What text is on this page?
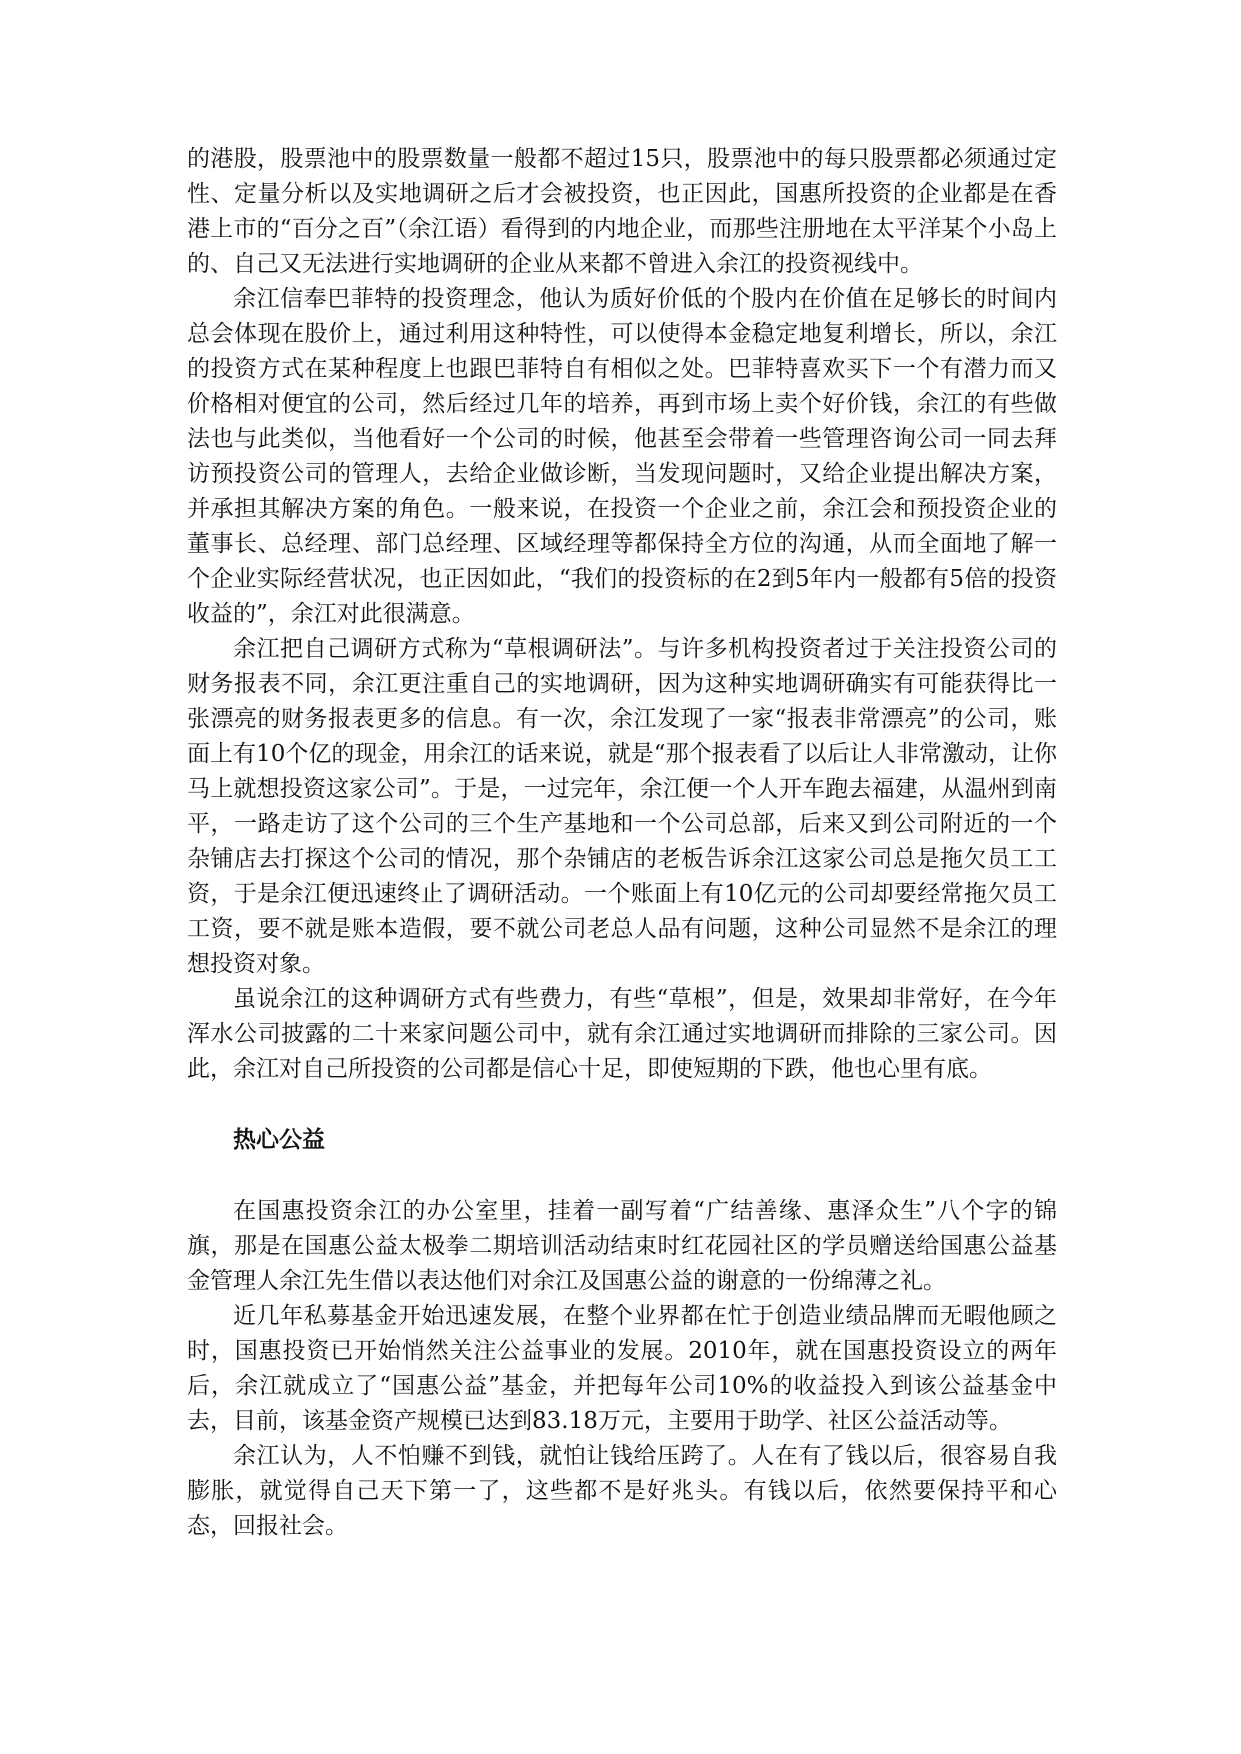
的港股，股票池中的股票数量一般都不超过15只，股票池中的每只股票都必须通过定性、定量分析以及实地调研之后才会被投资，也正因此，国惠所投资的企业都是在香港上市的“百分之百”（余江语）看得到的内地企业，而那些注册地在太平洋某个小岛上的、自己又无法进行实地调研的企业从来都不曾进入余江的投资视线中。

余江信奉巴菲特的投资理念，他认为质好价低的个股内在价值在足够长的时间内总会体现在股价上，通过利用这种特性，可以使得本金稳定地复利增长，所以，余江的投资方式在某种程度上也跟巴菲特自有相似之处。巴菲特喜欢买下一个有潜力而又价格相对便宜的公司，然后经过几年的培养，再到市场上卖个好价钱，余江的有些做法也与此类似，当他看好一个公司的时候，他甚至会带着一些管理咨询公司一同去拜访预投资公司的管理人，去给企业做诊断，当发现问题时，又给企业提出解决方案，并承担其解决方案的角色。一般来说，在投资一个企业之前，余江会和预投资企业的董事长、总经理、部门总经理、区域经理等都保持全方位的沟通，从而全面地了解一个企业实际经营状况，也正因如此，“我们的投资标的在2到5年内一般都有5倍的投资收益的”，余江对此很满意。

余江把自己调研方式称为“草根调研法”。与许多机构投资者过于关注投资公司的财务报表不同，余江更注重自己的实地调研，因为这种实地调研确实有可能获得比一张漂亮的财务报表更多的信息。有一次，余江发现了一家“报表非常漂亮”的公司，账面上有10个亿的现金，用余江的话来说，就是“那个报表看了以后让人非常激动，让你马上就想投资这家公司”。于是，一过完年，余江便一个人开车跑去福建，从温州到南平，一路走访了这个公司的三个生产基地和一个公司总部，后来又到公司附近的一个杂铺店去打探这个公司的情况，那个杂铺店的老板告诉余江这家公司总是拖欠员工工资，于是余江便迅速终止了调研活动。一个账面上有10亿元的公司却要经常拖欠员工工资，要不就是账本造假，要不就公司老总人品有问题，这种公司显然不是余江的理想投资对象。

虽说余江的这种调研方式有些费力，有些“草根”，但是，效果却非常好，在今年浑水公司披露的二十来家问题公司中，就有余江通过实地调研而排除的三家公司。因此，余江对自己所投资的公司都是信心十足，即使短期的下跌，他也心里有底。

热心公益

在国惠投资余江的办公室里，挂着一副写着“广结善缘、惠泽众生”八个字的锦旗，那是在国惠公益太极拳二期培训活动结束时红花园社区的学员赠送给国惠公益基金管理人余江先生借以表达他们对余江及国惠公益的谢意的一份绵薄之礼。

近几年私募基金开始迅速发展，在整个业界都在忙于创造业绩品牌而无暇他顾之时，国惠投资已开始悄然关注公益事业的发展。2010年，就在国惠投资设立的两年后，余江就成立了“国惠公益”基金，并把每年公司10%的收益投入到该公益基金中去，目前，该基金资产规模已达到83.18万元，主要用于助学、社区公益活动等。

余江认为，人不怕赚不到钱，就怕让钱给压跨了。人在有了钱以后，很容易自我膨胀，就觉得自己天下第一了，这些都不是好兆头。有钱以后，依然要保持平和心态，回报社会。
